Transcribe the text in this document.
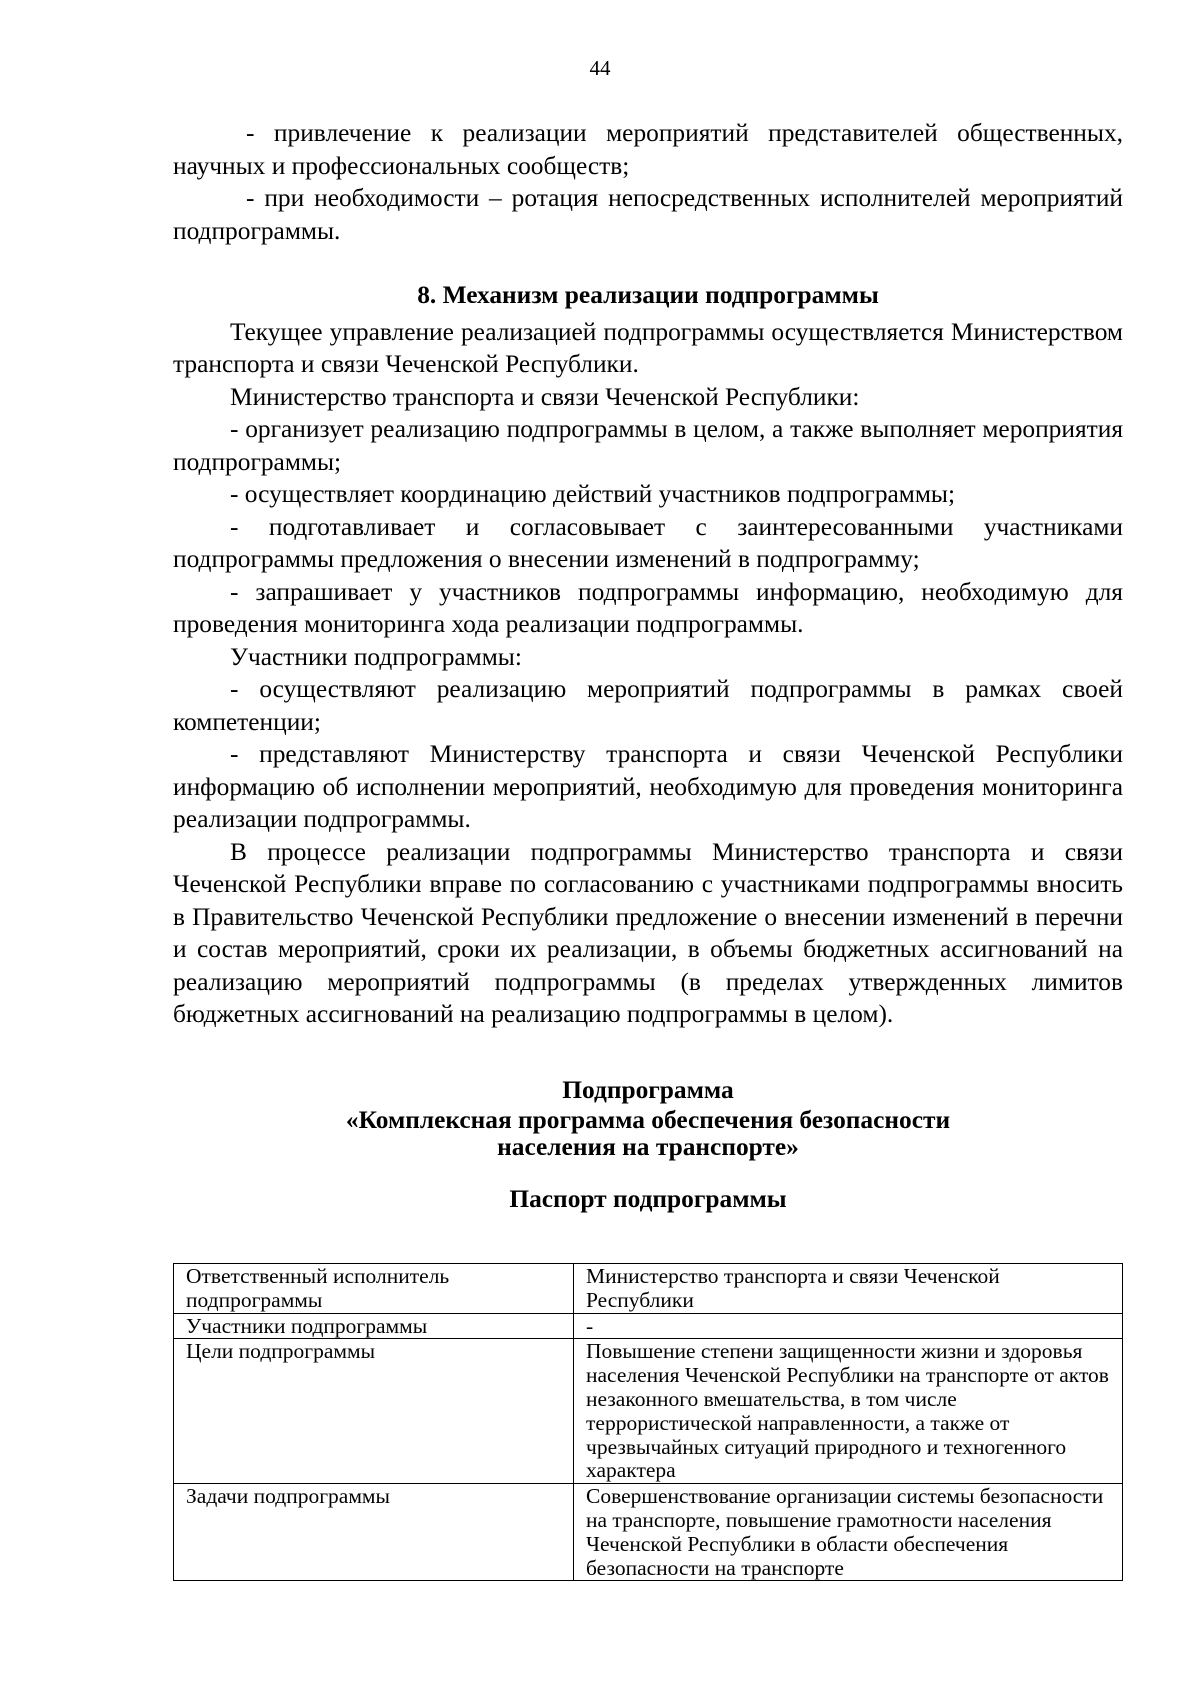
44

- привлечение к реализации мероприятий представителей общественных, научных и профессиональных сообществ;

- при необходимости – ротация непосредственных исполнителей мероприятий подпрограммы.

8. Механизм реализации подпрограммы

Текущее управление реализацией подпрограммы осуществляется Министерством транспорта и связи Чеченской Республики.

Министерство транспорта и связи Чеченской Республики:

- организует реализацию подпрограммы в целом, а также выполняет мероприятия подпрограммы;

- осуществляет координацию действий участников подпрограммы;

- подготавливает и согласовывает с заинтересованными участниками подпрограммы предложения о внесении изменений в подпрограмму;

- запрашивает у участников подпрограммы информацию, необходимую для проведения мониторинга хода реализации подпрограммы.

Участники подпрограммы:

- осуществляют реализацию мероприятий подпрограммы в рамках своей компетенции;

- представляют Министерству транспорта и связи Чеченской Республики информацию об исполнении мероприятий, необходимую для проведения мониторинга реализации подпрограммы.

В процессе реализации подпрограммы Министерство транспорта и связи Чеченской Республики вправе по согласованию с участниками подпрограммы вносить в Правительство Чеченской Республики предложение о внесении изменений в перечни и состав мероприятий, сроки их реализации, в объемы бюджетных ассигнований на реализацию мероприятий подпрограммы (в пределах утвержденных лимитов бюджетных ассигнований на реализацию подпрограммы в целом).

Подпрограмма
«Комплексная программа обеспечения безопасности
населения на транспорте»
Паспорт подпрограммы
Ответственный исполнитель подпрограммы	Министерство транспорта и связи Чеченской Республики
Участники подпрограммы	-
Цели подпрограммы	Повышение степени защищенности жизни и здоровья населения Чеченской Республики на транспорте от актов незаконного вмешательства, в том числе террористической направленности, а также от чрезвычайных ситуаций природного и техногенного характера
Задачи подпрограммы	Совершенствование организации системы безопасности на транспорте, повышение грамотности населения Чеченской Республики в области обеспечения безопасности на транспорте
